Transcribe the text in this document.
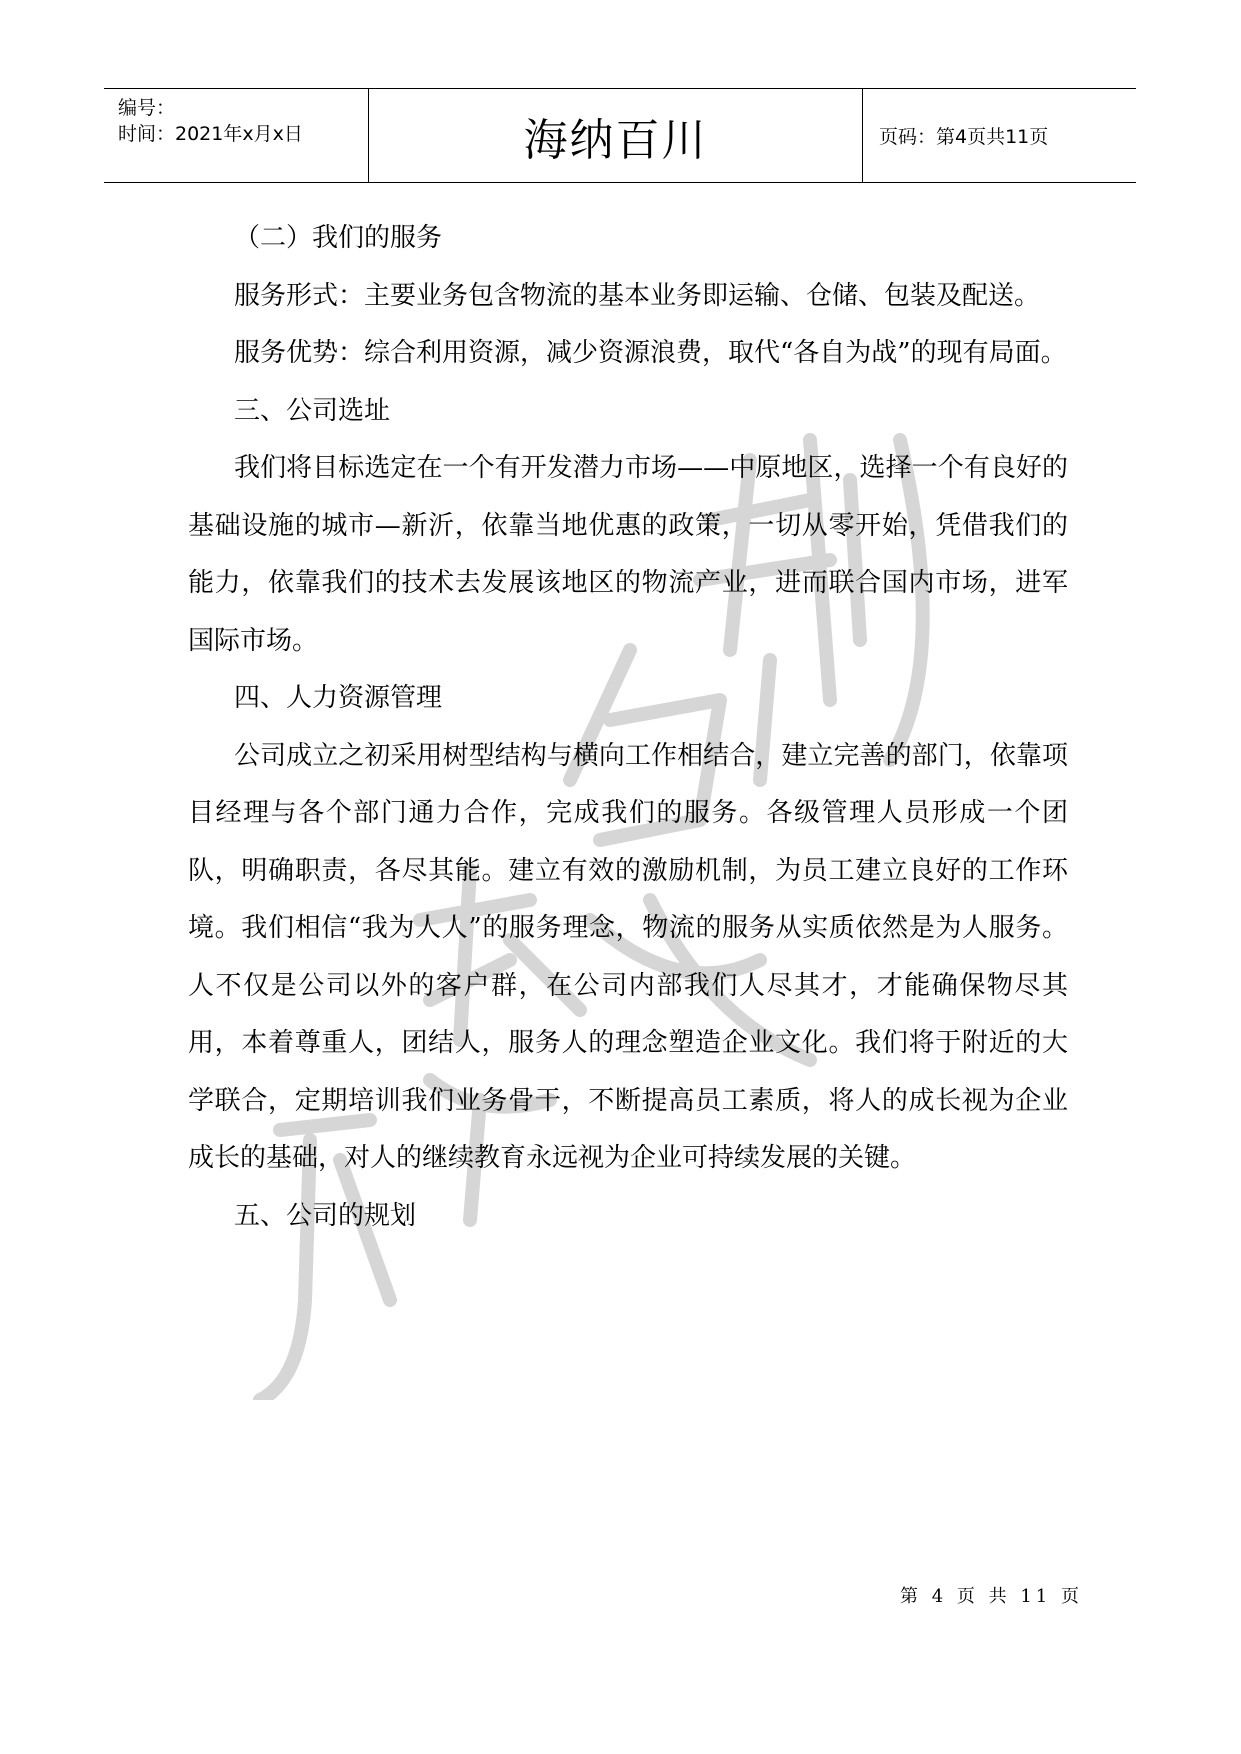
编号：
时间：2021年x月x日	海纳百川	页码：第4页共11页

（二）我们的服务

服务形式：主要业务包含物流的基本业务即运输、仓储、包装及配送。

服务优势：综合利用资源，减少资源浪费，取代“各自为战”的现有局面。

三、公司选址

我们将目标选定在一个有开发潜力市场——中原地区，选择一个有良好的基础设施的城市—新沂，依靠当地优惠的政策，一切从零开始，凭借我们的能力，依靠我们的技术去发展该地区的物流产业，进而联合国内市场，进军国际市场。

四、人力资源管理

公司成立之初采用树型结构与横向工作相结合，建立完善的部门，依靠项目经理与各个部门通力合作，完成我们的服务。各级管理人员形成一个团队，明确职责，各尽其能。建立有效的激励机制，为员工建立良好的工作环境。我们相信“我为人人”的服务理念，物流的服务从实质依然是为人服务。人不仅是公司以外的客户群，在公司内部我们人尽其才，才能确保物尽其用，本着尊重人，团结人，服务人的理念塑造企业文化。我们将于附近的大学联合，定期培训我们业务骨干，不断提高员工素质，将人的成长视为企业成长的基础，对人的继续教育永远视为企业可持续发展的关键。

五、公司的规划

第 4 页 共 11 页
